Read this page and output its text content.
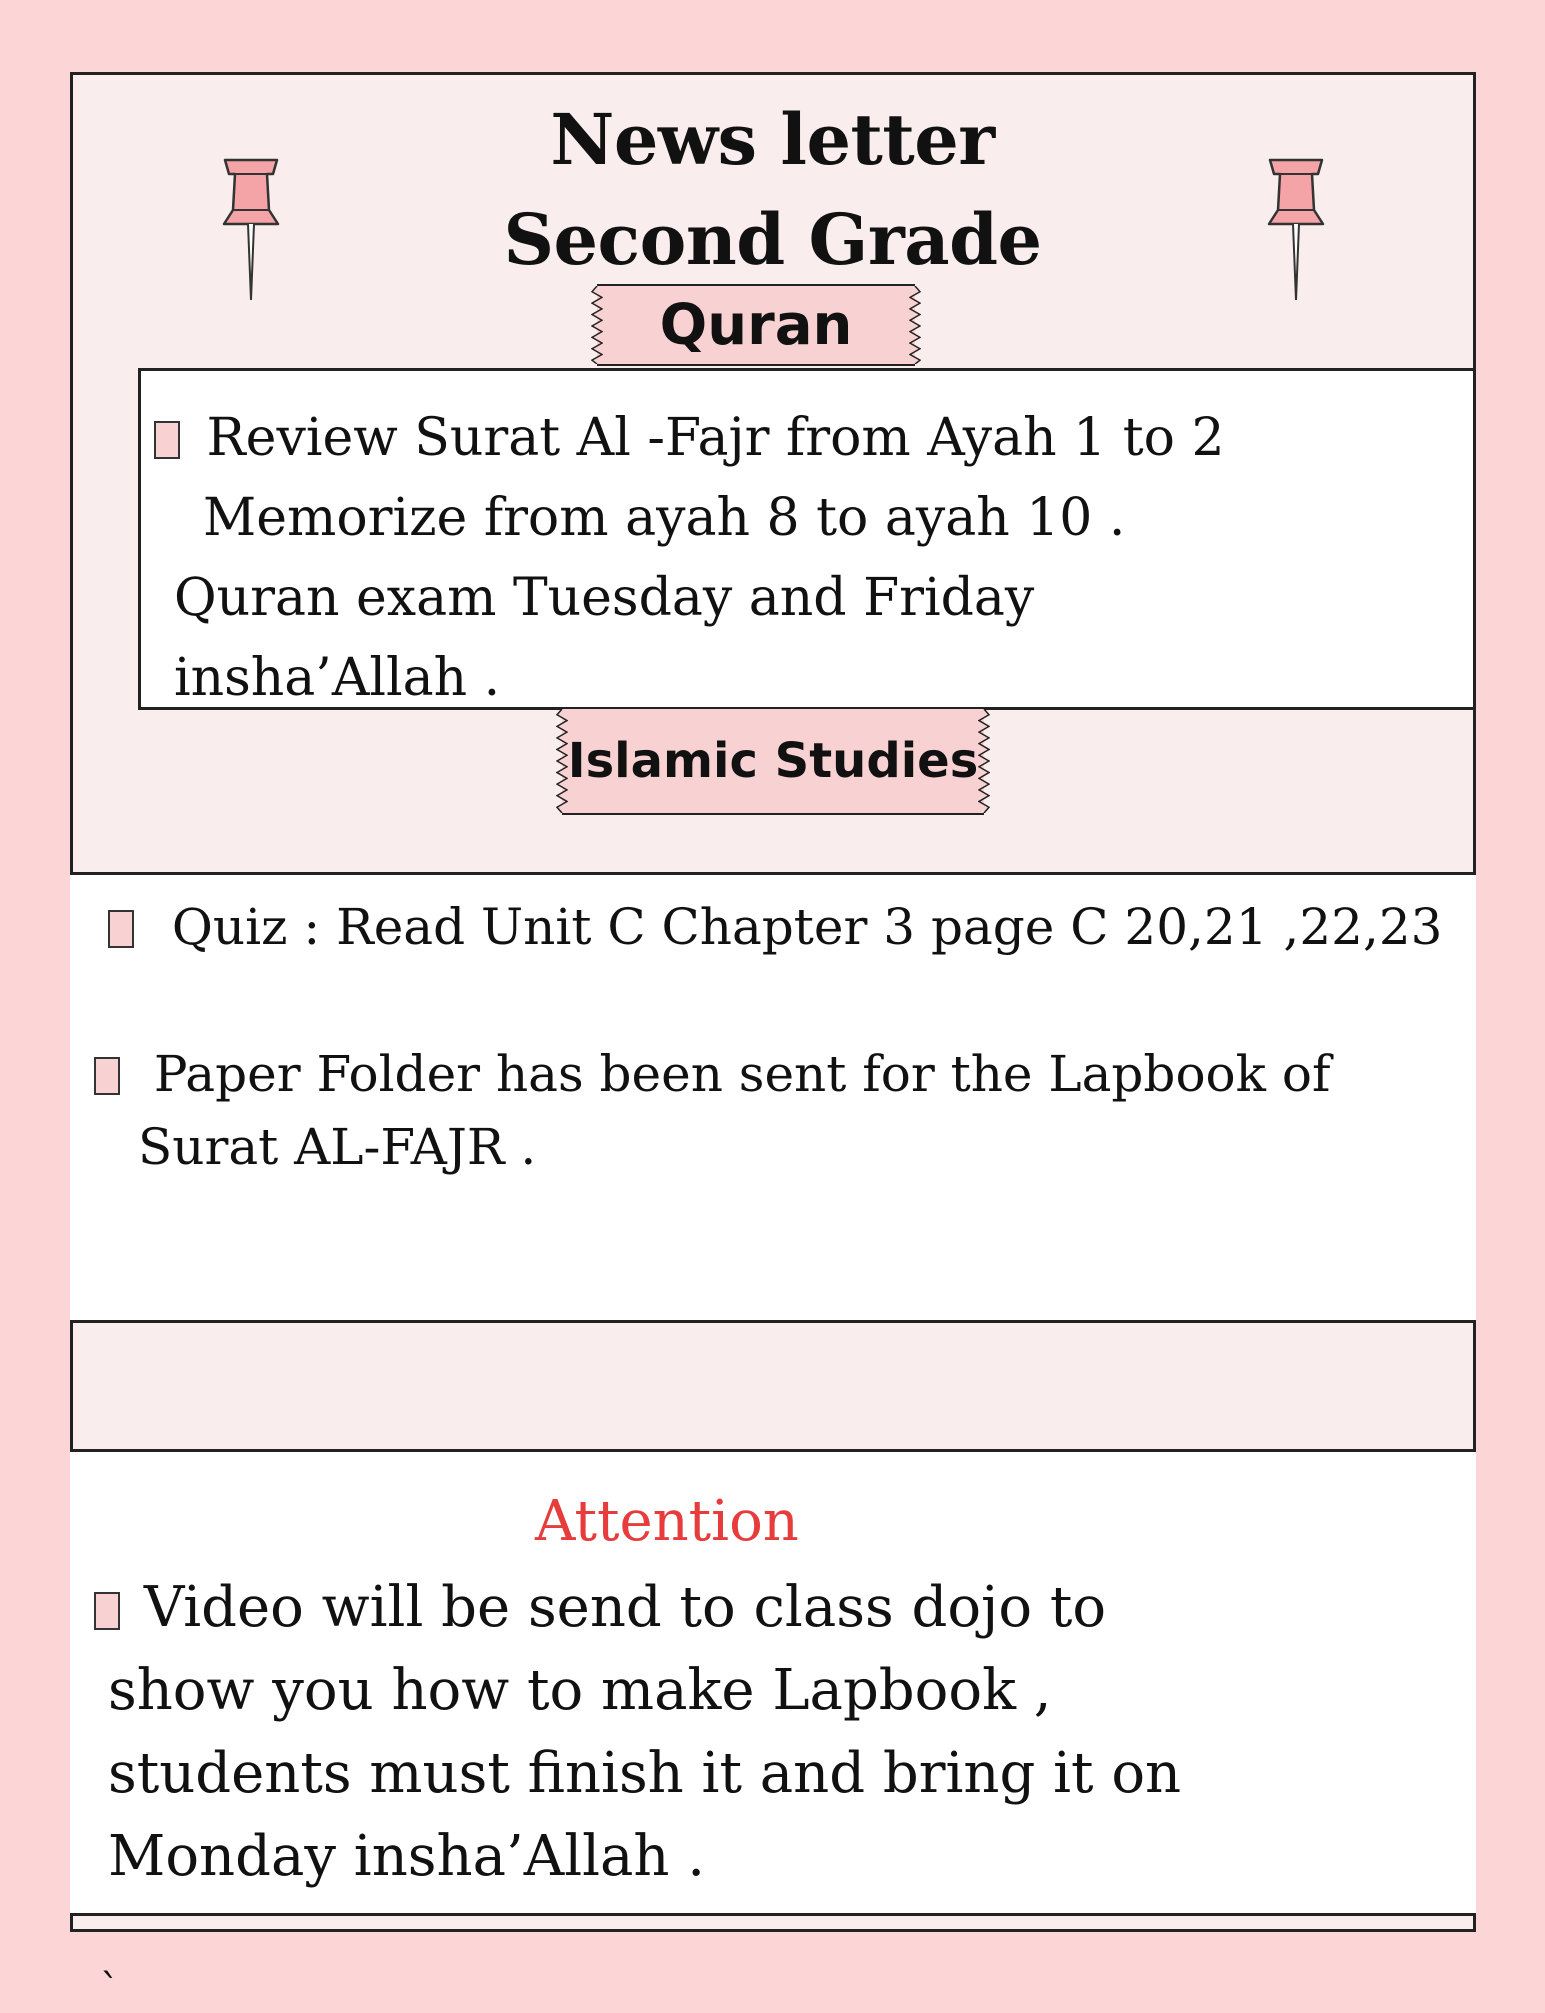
News letter
Second Grade
Quran
Review Surat Al -Fajr from Ayah 1 to 2
Memorize from ayah 8 to ayah 10 .
Quran exam Tuesday and Friday
insha’Allah .
Islamic Studies
Quiz : Read Unit C Chapter 3 page C 20,21 ,22,23
Paper Folder has been sent for the Lapbook of
Surat AL-FAJR .
Attention
Video will be send to class dojo to
show you how to make Lapbook ,
students must finish it and bring it on
Monday insha’Allah .
`
